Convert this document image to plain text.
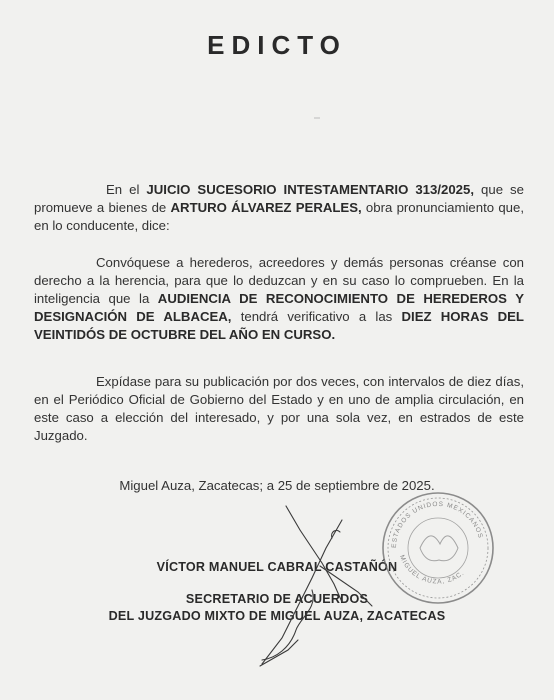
EDICTO
En el JUICIO SUCESORIO INTESTAMENTARIO 313/2025, que se promueve a bienes de ARTURO ÁLVAREZ PERALES, obra pronunciamiento que, en lo conducente, dice:
Convóquese a herederos, acreedores y demás personas créanse con derecho a la herencia, para que lo deduzcan y en su caso lo comprueben. En la inteligencia que la AUDIENCIA DE RECONOCIMIENTO DE HEREDEROS Y DESIGNACIÓN DE ALBACEA, tendrá verificativo a las DIEZ HORAS DEL VEINTIDÓS DE OCTUBRE DEL AÑO EN CURSO.
Expídase para su publicación por dos veces, con intervalos de diez días, en el Periódico Oficial de Gobierno del Estado y en uno de amplia circulación, en este caso a elección del interesado, y por una sola vez, en estrados de este Juzgado.
Miguel Auza, Zacatecas; a 25 de septiembre de 2025.
VÍCTOR MANUEL CABRAL CASTAÑÓN
SECRETARIO DE ACUERDOS
DEL JUZGADO MIXTO DE MIGUEL AUZA, ZACATECAS
ESTADOS UNIDOS MEXICANOS
MIGUEL AUZA, ZAC.
